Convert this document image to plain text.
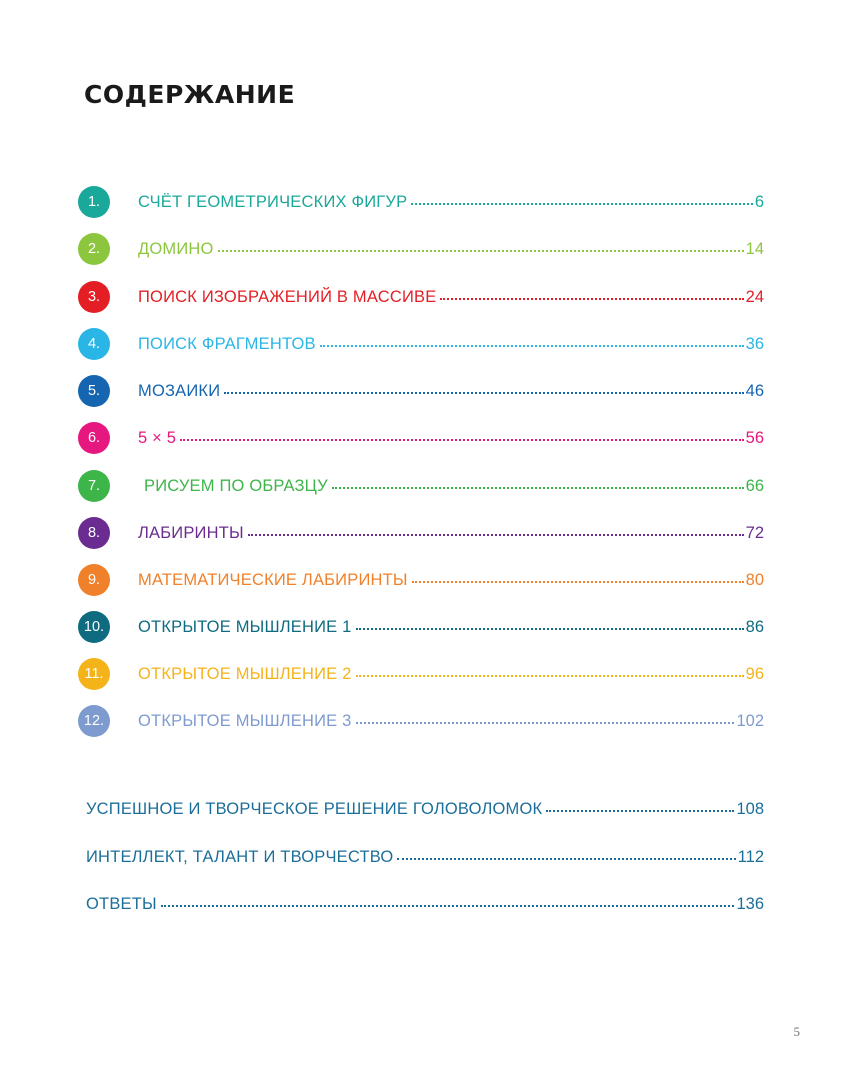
СОДЕРЖАНИЕ
1.	СЧЁТ ГЕОМЕТРИЧЕСКИХ ФИГУР	6
2.	ДОМИНО	14
3.	ПОИСК ИЗОБРАЖЕНИЙ В МАССИВЕ	24
4.	ПОИСК ФРАГМЕНТОВ	36
5.	МОЗАИКИ	46
6.	5 × 5	56
7.	РИСУЕМ ПО ОБРАЗЦУ	66
8.	ЛАБИРИНТЫ	72
9.	МАТЕМАТИЧЕСКИЕ ЛАБИРИНТЫ	80
10.	ОТКРЫТОЕ МЫШЛЕНИЕ 1	86
11.	ОТКРЫТОЕ МЫШЛЕНИЕ 2	96
12.	ОТКРЫТОЕ МЫШЛЕНИЕ 3	102
УСПЕШНОЕ И ТВОРЧЕСКОЕ РЕШЕНИЕ ГОЛОВОЛОМОК	108
ИНТЕЛЛЕКТ, ТАЛАНТ И ТВОРЧЕСТВО	112
ОТВЕТЫ	136
5
